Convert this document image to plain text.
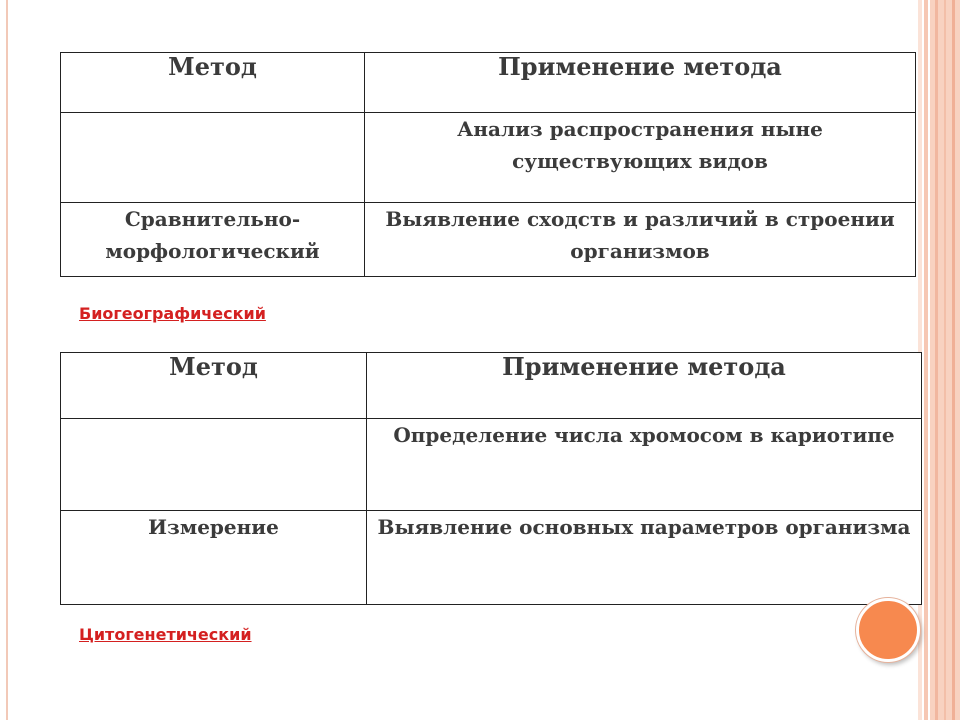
Метод	Применение метода
	Анализ распространения ныне существующих видов
Сравнительно-морфологический	Выявление сходств и различий в строении организмов
Биогеографический
Метод	Применение метода
	Определение числа хромосом в кариотипе
Измерение	Выявление основных параметров организма
Цитогенетический
